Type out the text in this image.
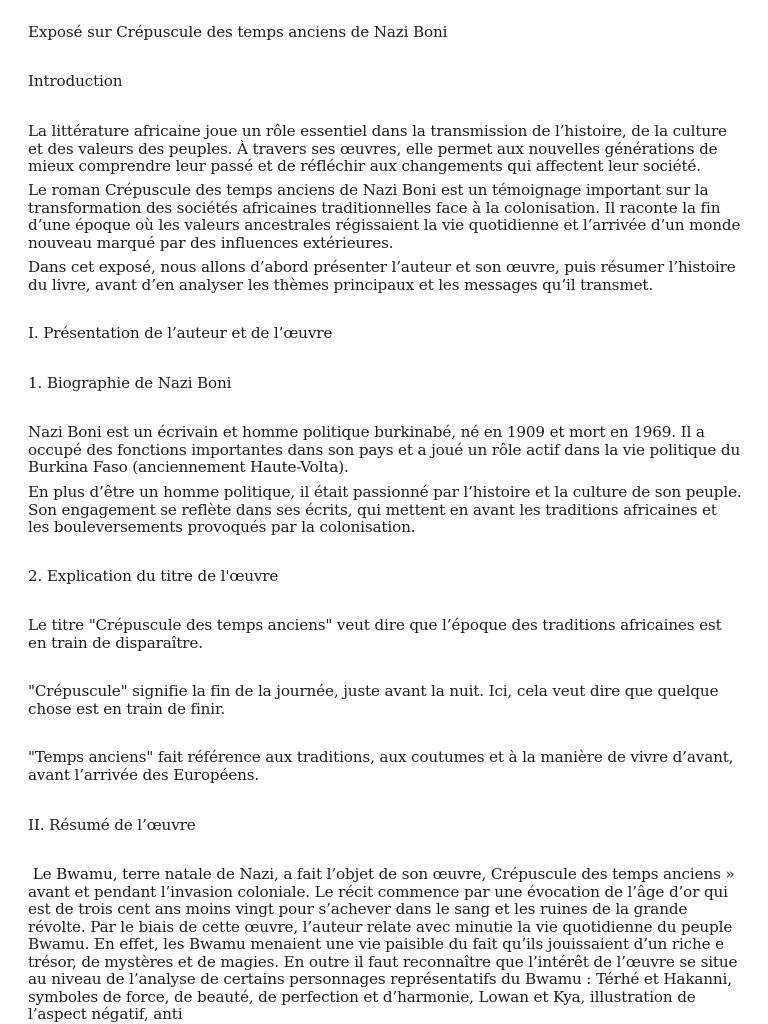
Exposé sur Crépuscule des temps anciens de Nazi Boni

Introduction

La littérature africaine joue un rôle essentiel dans la transmission de l’histoire, de la culture et des valeurs des peuples. À travers ses œuvres, elle permet aux nouvelles générations de mieux comprendre leur passé et de réfléchir aux changements qui affectent leur société.

Le roman Crépuscule des temps anciens de Nazi Boni est un témoignage important sur la transformation des sociétés africaines traditionnelles face à la colonisation. Il raconte la fin d’une époque où les valeurs ancestrales régissaient la vie quotidienne et l’arrivée d’un monde nouveau marqué par des influences extérieures.

Dans cet exposé, nous allons d’abord présenter l’auteur et son œuvre, puis résumer l’histoire du livre, avant d’en analyser les thèmes principaux et les messages qu’il transmet.

I. Présentation de l’auteur et de l’œuvre

1. Biographie de Nazi Boni

Nazi Boni est un écrivain et homme politique burkinabé, né en 1909 et mort en 1969. Il a occupé des fonctions importantes dans son pays et a joué un rôle actif dans la vie politique du Burkina Faso (anciennement Haute-Volta).

En plus d’être un homme politique, il était passionné par l’histoire et la culture de son peuple. Son engagement se reflète dans ses écrits, qui mettent en avant les traditions africaines et les bouleversements provoqués par la colonisation.

2. Explication du titre de l'œuvre

Le titre "Crépuscule des temps anciens" veut dire que l’époque des traditions africaines est en train de disparaître.

"Crépuscule" signifie la fin de la journée, juste avant la nuit. Ici, cela veut dire que quelque chose est en train de finir.

"Temps anciens" fait référence aux traditions, aux coutumes et à la manière de vivre d’avant, avant l’arrivée des Européens.

II. Résumé de l’œuvre

Le Bwamu, terre natale de Nazi, a fait l’objet de son œuvre, Crépuscule des temps anciens » avant et pendant l’invasion coloniale. Le récit commence par une évocation de l’âge d’or qui est de trois cent ans moins vingt pour s’achever dans le sang et les ruines de la grande révolte. Par le biais de cette œuvre, l’auteur relate avec minutie la vie quotidienne du peuple Bwamu. En effet, les Bwamu menaient une vie paisible du fait qu’ils jouissaient d’un riche e trésor, de mystères et de magies. En outre il faut reconnaître que l’intérêt de l’œuvre se situe au niveau de l’analyse de certains personnages représentatifs du Bwamu : Térhé et Hakanni, symboles de force, de beauté, de perfection et d’harmonie, Lowan et Kya, illustration de l’aspect négatif, anti
